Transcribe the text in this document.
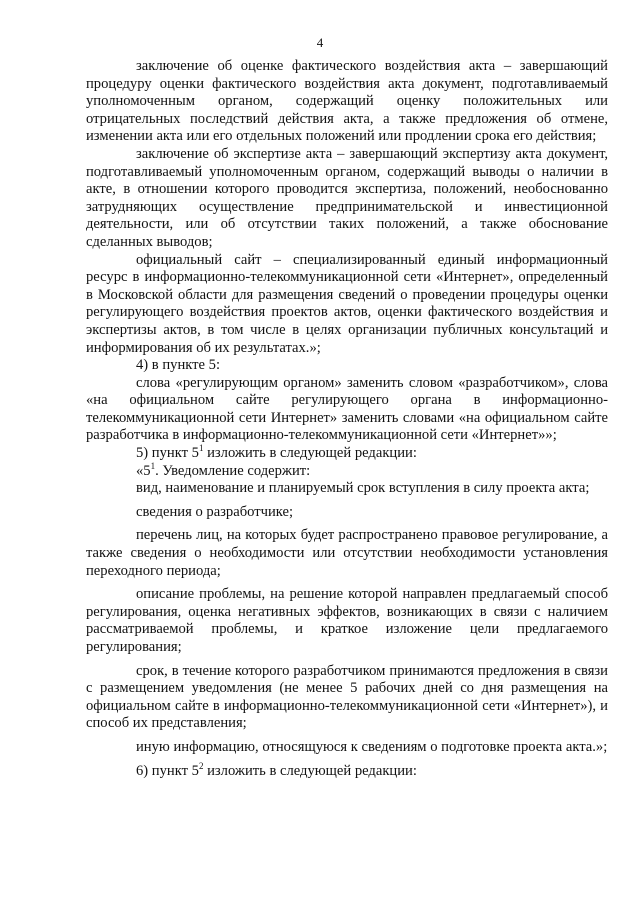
4

заключение об оценке фактического воздействия акта – завершающий процедуру оценки фактического воздействия акта документ, подготавливаемый уполномоченным органом, содержащий оценку положительных или отрицательных последствий действия акта, а также предложения об отмене, изменении акта или его отдельных положений или продлении срока его действия;

заключение об экспертизе акта – завершающий экспертизу акта документ, подготавливаемый уполномоченным органом, содержащий выводы о наличии в акте, в отношении которого проводится экспертиза, положений, необоснованно затрудняющих осуществление предпринимательской и инвестиционной деятельности, или об отсутствии таких положений, а также обоснование сделанных выводов;

официальный сайт – специализированный единый информационный ресурс в информационно-телекоммуникационной сети «Интернет», определенный в Московской области для размещения сведений о проведении процедуры оценки регулирующего воздействия проектов актов, оценки фактического воздействия и экспертизы актов, в том числе в целях организации публичных консультаций и информирования об их результатах.»;

4) в пункте 5:

слова «регулирующим органом» заменить словом «разработчиком», слова «на официальном сайте регулирующего органа в информационно-телекоммуникационной сети Интернет» заменить словами «на официальном сайте разработчика в информационно-телекоммуникационной сети «Интернет»»;

5) пункт $5^1$ изложить в следующей редакции:

«$5^1$. Уведомление содержит:

вид, наименование и планируемый срок вступления в силу проекта акта;

сведения о разработчике;

перечень лиц, на которых будет распространено правовое регулирование, а также сведения о необходимости или отсутствии необходимости установления переходного периода;

описание проблемы, на решение которой направлен предлагаемый способ регулирования, оценка негативных эффектов, возникающих в связи с наличием рассматриваемой проблемы, и краткое изложение цели предлагаемого регулирования;

срок, в течение которого разработчиком принимаются предложения в связи с размещением уведомления (не менее 5 рабочих дней со дня размещения на официальном сайте в информационно-телекоммуникационной сети «Интернет»), и способ их представления;

иную информацию, относящуюся к сведениям о подготовке проекта акта.»;

6) пункт $5^2$ изложить в следующей редакции:
